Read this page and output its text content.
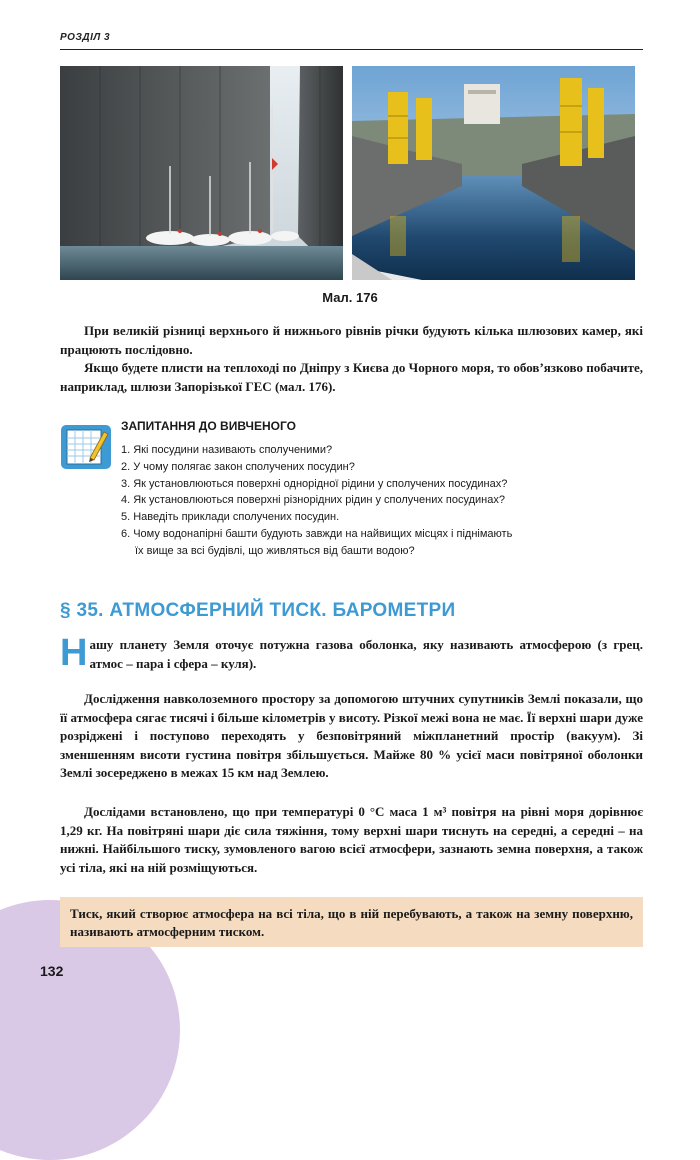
РОЗДІЛ 3
Мал. 176

При великій різниці верхнього й нижнього рівнів річки будують кілька шлюзових камер, які працюють послідовно.

Якщо будете плисти на теплоході по Дніпру з Києва до Чорного моря, то обов’язково побачите, наприклад, шлюзи Запорізької ГЕС (мал. 176).

ЗАПИТАННЯ ДО ВИВЧЕНОГО
1. Які посудини називають сполученими?
2. У чому полягає закон сполучених посудин?
3. Як установлюються поверхні однорідної рідини у сполучених посудинах?
4. Як установлюються поверхні різнорідних рідин у сполучених посудинах?
5. Наведіть приклади сполучених посудин.
6. Чому водонапірні башти будують завжди на найвищих місцях і піднімають
їх вище за всі будівлі, що живляться від башти водою?
§ 35. АТМОСФЕРНИЙ ТИСК. БАРОМЕТРИ

Нашу планету Земля оточує потужна газова оболонка, яку називають атмосферою (з грец. атмос – пара і сфера – куля).

Дослідження навколоземного простору за допомогою штучних супутників Землі показали, що її атмосфера сягає тисячі і більше кілометрів у висоту. Різкої межі вона не має. Її верхні шари дуже розріджені і поступово переходять у безповітряний міжпланетний простір (вакуум). Зі зменшенням висоти густина повітря збільшується. Майже 80 % усієї маси повітряної оболонки Землі зосереджено в межах 15 км над Землею.

Дослідами встановлено, що при температурі 0 °С маса 1 м³ повітря на рівні моря дорівнює 1,29 кг. На повітряні шари діє сила тяжіння, тому верхні шари тиснуть на середні, а середні – на нижні. Найбільшого тиску, зумовленого вагою всієї атмосфери, зазнають земна поверхня, а також усі тіла, які на ній розміщуються.

Тиск, який створює атмосфера на всі тіла, що в ній перебувають, а також на земну поверхню, називають атмосферним тиском.

132
